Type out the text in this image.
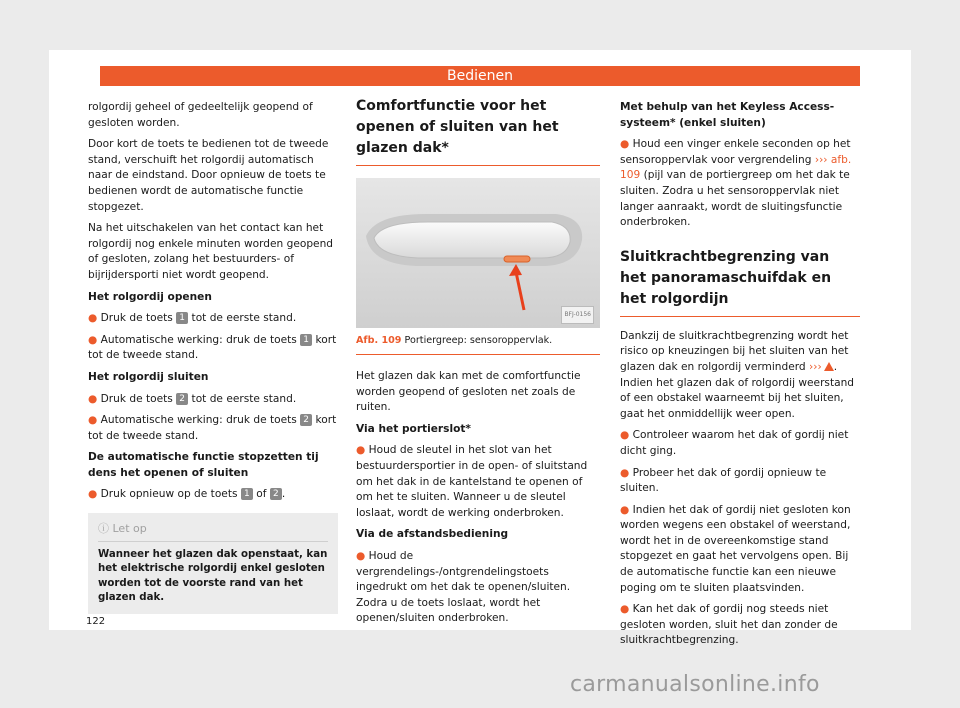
Bedienen

rolgordij geheel of gedeeltelijk geopend of gesloten worden.

Door kort de toets te bedienen tot de tweede stand, verschuift het rolgordij automatisch naar de eindstand. Door opnieuw de toets te bedienen wordt de automatische functie stopgezet.

Na het uitschakelen van het contact kan het rolgordij nog enkele minuten worden geopend of gesloten, zolang het bestuurders- of bijrijdersporti niet wordt geopend.

Het rolgordij openen

● Druk de toets 1 tot de eerste stand.

● Automatische werking: druk de toets 1 kort tot de tweede stand.

Het rolgordij sluiten

● Druk de toets 2 tot de eerste stand.

● Automatische werking: druk de toets 2 kort tot de tweede stand.

De automatische functie stopzetten tij dens het openen of sluiten

● Druk opnieuw op de toets 1 of 2 .

ⓘ Let op
Wanneer het glazen dak openstaat, kan het elektrische rolgordij enkel gesloten worden tot de voorste rand van het glazen dak.
Comfortfunctie voor het openen of sluiten van het glazen dak*
BFJ-0156
Afb. 109 Portiergreep: sensoroppervlak.

Het glazen dak kan met de comfortfunctie worden geopend of gesloten net zoals de ruiten.

Via het portierslot*

● Houd de sleutel in het slot van het bestuurdersportier in de open- of sluitstand om het dak in de kantelstand te openen of om het te sluiten. Wanneer u de sleutel loslaat, wordt de werking onderbroken.

Via de afstandsbediening

● Houd de vergrendelings-/ontgrendelingstoets ingedrukt om het dak te openen/sluiten. Zodra u de toets loslaat, wordt het openen/sluiten onderbroken.

Met behulp van het Keyless Access-systeem* (enkel sluiten)

● Houd een vinger enkele seconden op het sensoroppervlak voor vergrendeling ››› afb. 109 (pijl van de portiergreep om het dak te sluiten. Zodra u het sensoroppervlak niet langer aanraakt, wordt de sluitingsfunctie onderbroken.

Sluitkrachtbegrenzing van het panoramaschuifdak en het rolgordijn

Dankzij de sluitkrachtbegrenzing wordt het risico op kneuzingen bij het sluiten van het glazen dak en rolgordij verminderd ››› . Indien het glazen dak of rolgordij weerstand of een obstakel waarneemt bij het sluiten, gaat het onmiddellijk weer open.

● Controleer waarom het dak of gordij niet dicht ging.

● Probeer het dak of gordij opnieuw te sluiten.

● Indien het dak of gordij niet gesloten kon worden wegens een obstakel of weerstand, wordt het in de overeenkomstige stand stopgezet en gaat het vervolgens open. Bij de automatische functie kan een nieuwe poging om te sluiten plaatsvinden.

● Kan het dak of gordij nog steeds niet gesloten worden, sluit het dan zonder de sluitkrachtbegrenzing.

122
carmanualsonline.info
